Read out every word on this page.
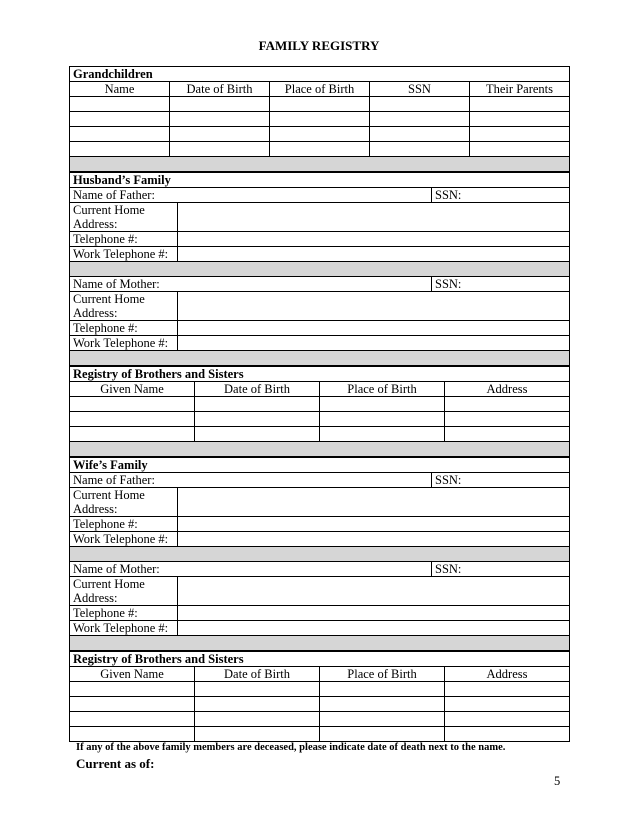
FAMILY REGISTRY
Grandchildren				
Name	Date of Birth	Place of Birth	SSN	Their Parents

Husband’s Family		
Name of Father:		SSN:
Current Home		
Address:		
Telephone #:		
Work Telephone #:		

Name of Mother:		SSN:
Current Home		
Address:		
Telephone #:		
Work Telephone #:		

Registry of Brothers and Sisters			
Given Name	Date of Birth	Place of Birth	Address

Wife’s Family		
Name of Father:		SSN:
Current Home		
Address:		
Telephone #:		
Work Telephone #:		

Name of Mother:		SSN:
Current Home		
Address:		
Telephone #:		
Work Telephone #:		

Registry of Brothers and Sisters			
Given Name	Date of Birth	Place of Birth	Address

If any of the above family members are deceased, please indicate date of death next to the name.
Current as of:
5
